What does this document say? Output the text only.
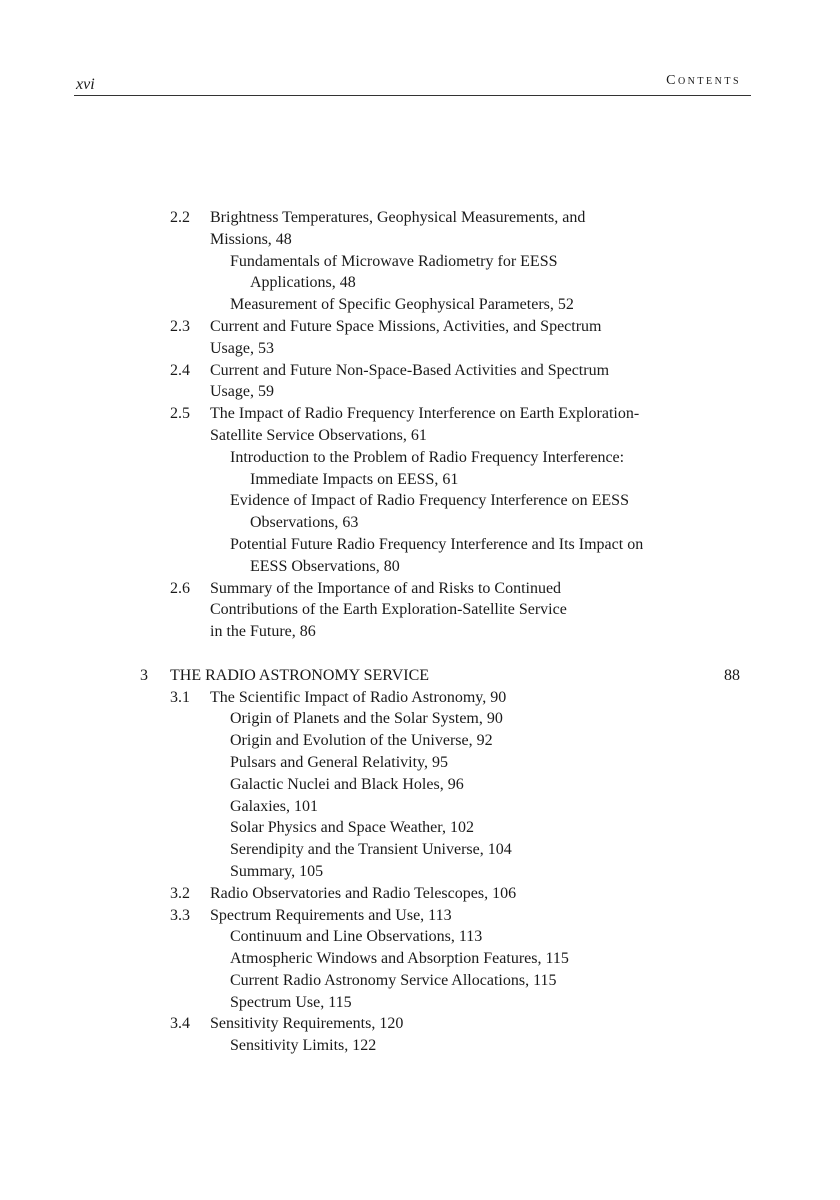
xvi	Contents
2.2 Brightness Temperatures, Geophysical Measurements, and
Missions, 48
Fundamentals of Microwave Radiometry for EESS
Applications, 48
Measurement of Specific Geophysical Parameters, 52
2.3 Current and Future Space Missions, Activities, and Spectrum
Usage, 53
2.4 Current and Future Non-Space-Based Activities and Spectrum
Usage, 59
2.5 The Impact of Radio Frequency Interference on Earth Exploration-
Satellite Service Observations, 61
Introduction to the Problem of Radio Frequency Interference:
Immediate Impacts on EESS, 61
Evidence of Impact of Radio Frequency Interference on EESS
Observations, 63
Potential Future Radio Frequency Interference and Its Impact on
EESS Observations, 80
2.6 Summary of the Importance of and Risks to Continued
Contributions of the Earth Exploration-Satellite Service
in the Future, 86
3 THE RADIO ASTRONOMY SERVICE	88
3.1 The Scientific Impact of Radio Astronomy, 90
Origin of Planets and the Solar System, 90
Origin and Evolution of the Universe, 92
Pulsars and General Relativity, 95
Galactic Nuclei and Black Holes, 96
Galaxies, 101
Solar Physics and Space Weather, 102
Serendipity and the Transient Universe, 104
Summary, 105
3.2 Radio Observatories and Radio Telescopes, 106
3.3 Spectrum Requirements and Use, 113
Continuum and Line Observations, 113
Atmospheric Windows and Absorption Features, 115
Current Radio Astronomy Service Allocations, 115
Spectrum Use, 115
3.4 Sensitivity Requirements, 120
Sensitivity Limits, 122
